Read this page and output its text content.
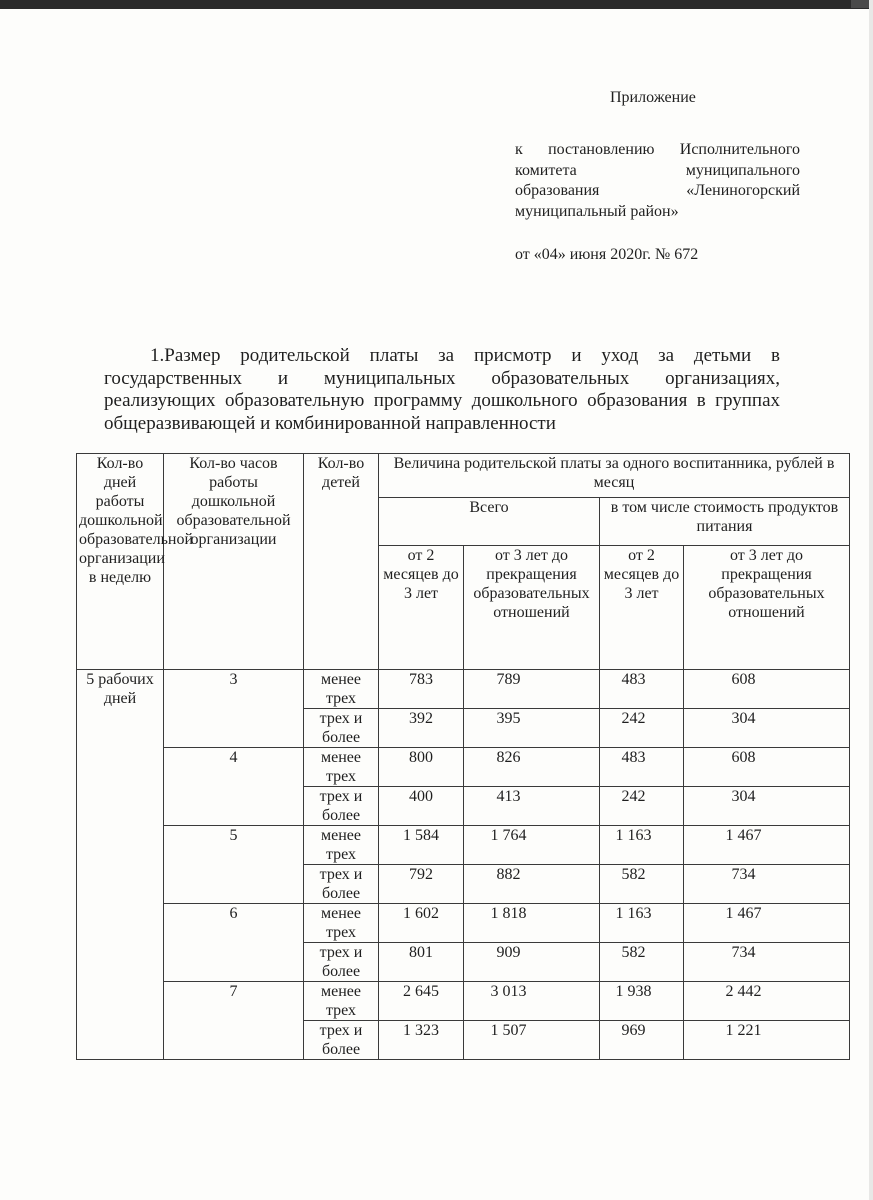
Приложение
к постановлению Исполнительного
комитета муниципального
образования «Лениногорский
муниципальный район»
от «04» июня 2020г. № 672
1.Размер родительской платы за присмотр и уход за детьми в
государственных и муниципальных образовательных организациях,
реализующих образовательную программу дошкольного образования в группах
общеразвивающей и комбинированной направленности
Кол-во дней работы дошкольной образовательной организации в неделю	Кол-во часов работы дошкольной образовательной организации	Кол-во детей	Величина родительской платы за одного воспитанника, рублей в месяц			
			Всего		в том числе стоимость продуктов питания	
			от 2 месяцев до 3 лет	от 3 лет до прекращения образовательных отношений	от 2 месяцев до 3 лет	от 3 лет до прекращения образовательных отношений
5 рабочих дней	3	менее трех	783	789	483	608
		трех и более	392	395	242	304
	4	менее трех	800	826	483	608
		трех и более	400	413	242	304
	5	менее трех	1 584	1 764	1 163	1 467
		трех и более	792	882	582	734
	6	менее трех	1 602	1 818	1 163	1 467
		трех и более	801	909	582	734
	7	менее трех	2 645	3 013	1 938	2 442
		трех и более	1 323	1 507	969	1 221
